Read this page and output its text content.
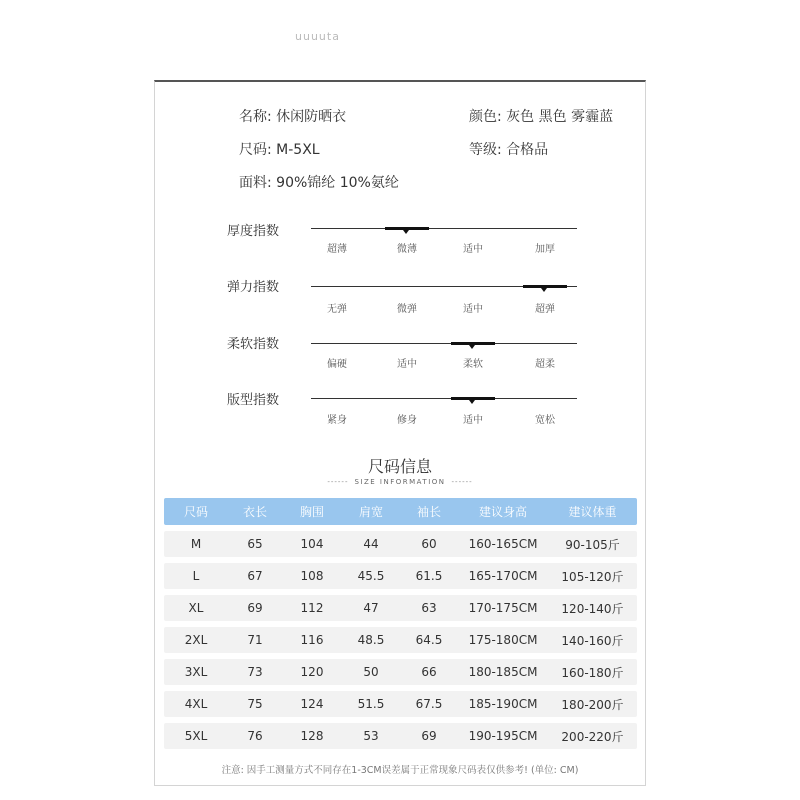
uuuuta
名称: 休闲防晒衣	颜色: 灰色 黑色 雾霾蓝
尺码: M-5XL	等级: 合格品
面料: 90%锦纶 10%氨纶
厚度指数
超薄	微薄	适中	加厚
弹力指数
无弹	微弹	适中	超弹
柔软指数
偏硬	适中	柔软	超柔
版型指数
紧身	修身	适中	宽松
尺码信息
------ SIZE INFORMATION ------
尺码	衣长	胸围	肩宽	袖长	建议身高	建议体重
M	65	104	44	60	160-165CM	90-105斤
L	67	108	45.5	61.5	165-170CM	105-120斤
XL	69	112	47	63	170-175CM	120-140斤
2XL	71	116	48.5	64.5	175-180CM	140-160斤
3XL	73	120	50	66	180-185CM	160-180斤
4XL	75	124	51.5	67.5	185-190CM	180-200斤
5XL	76	128	53	69	190-195CM	200-220斤
注意: 因手工测量方式不同存在1-3CM误差属于正常现象尺码表仅供参考! (单位: CM)
